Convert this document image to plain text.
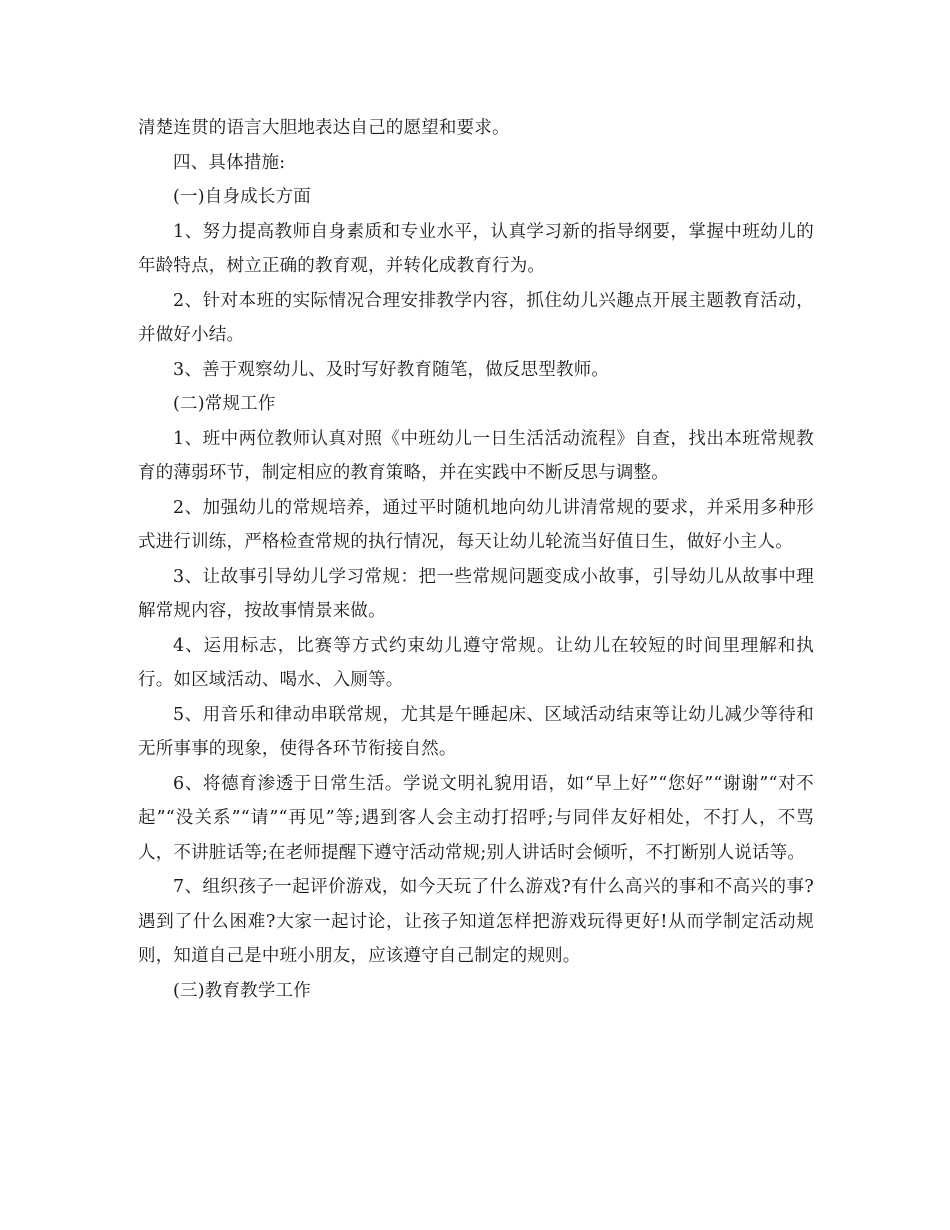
清楚连贯的语言大胆地表达自己的愿望和要求。

四、具体措施:

(一)自身成长方面

1、努力提高教师自身素质和专业水平，认真学习新的指导纲要，掌握中班幼儿的年龄特点，树立正确的教育观，并转化成教育行为。

2、针对本班的实际情况合理安排教学内容，抓住幼儿兴趣点开展主题教育活动，并做好小结。

3、善于观察幼儿、及时写好教育随笔，做反思型教师。

(二)常规工作

1、班中两位教师认真对照《中班幼儿一日生活活动流程》自查，找出本班常规教育的薄弱环节，制定相应的教育策略，并在实践中不断反思与调整。

2、加强幼儿的常规培养，通过平时随机地向幼儿讲清常规的要求，并采用多种形式进行训练，严格检查常规的执行情况，每天让幼儿轮流当好值日生，做好小主人。

3、让故事引导幼儿学习常规：把一些常规问题变成小故事，引导幼儿从故事中理解常规内容，按故事情景来做。

4、运用标志，比赛等方式约束幼儿遵守常规。让幼儿在较短的时间里理解和执行。如区域活动、喝水、入厕等。

5、用音乐和律动串联常规，尤其是午睡起床、区域活动结束等让幼儿减少等待和无所事事的现象，使得各环节衔接自然。

6、将德育渗透于日常生活。学说文明礼貌用语，如“早上好”“您好”“谢谢”“对不起”“没关系”“请”“再见”等;遇到客人会主动打招呼;与同伴友好相处，不打人，不骂人，不讲脏话等;在老师提醒下遵守活动常规;别人讲话时会倾听，不打断别人说话等。

7、组织孩子一起评价游戏，如今天玩了什么游戏?有什么高兴的事和不高兴的事?遇到了什么困难?大家一起讨论，让孩子知道怎样把游戏玩得更好!从而学制定活动规则，知道自己是中班小朋友，应该遵守自己制定的规则。

(三)教育教学工作
